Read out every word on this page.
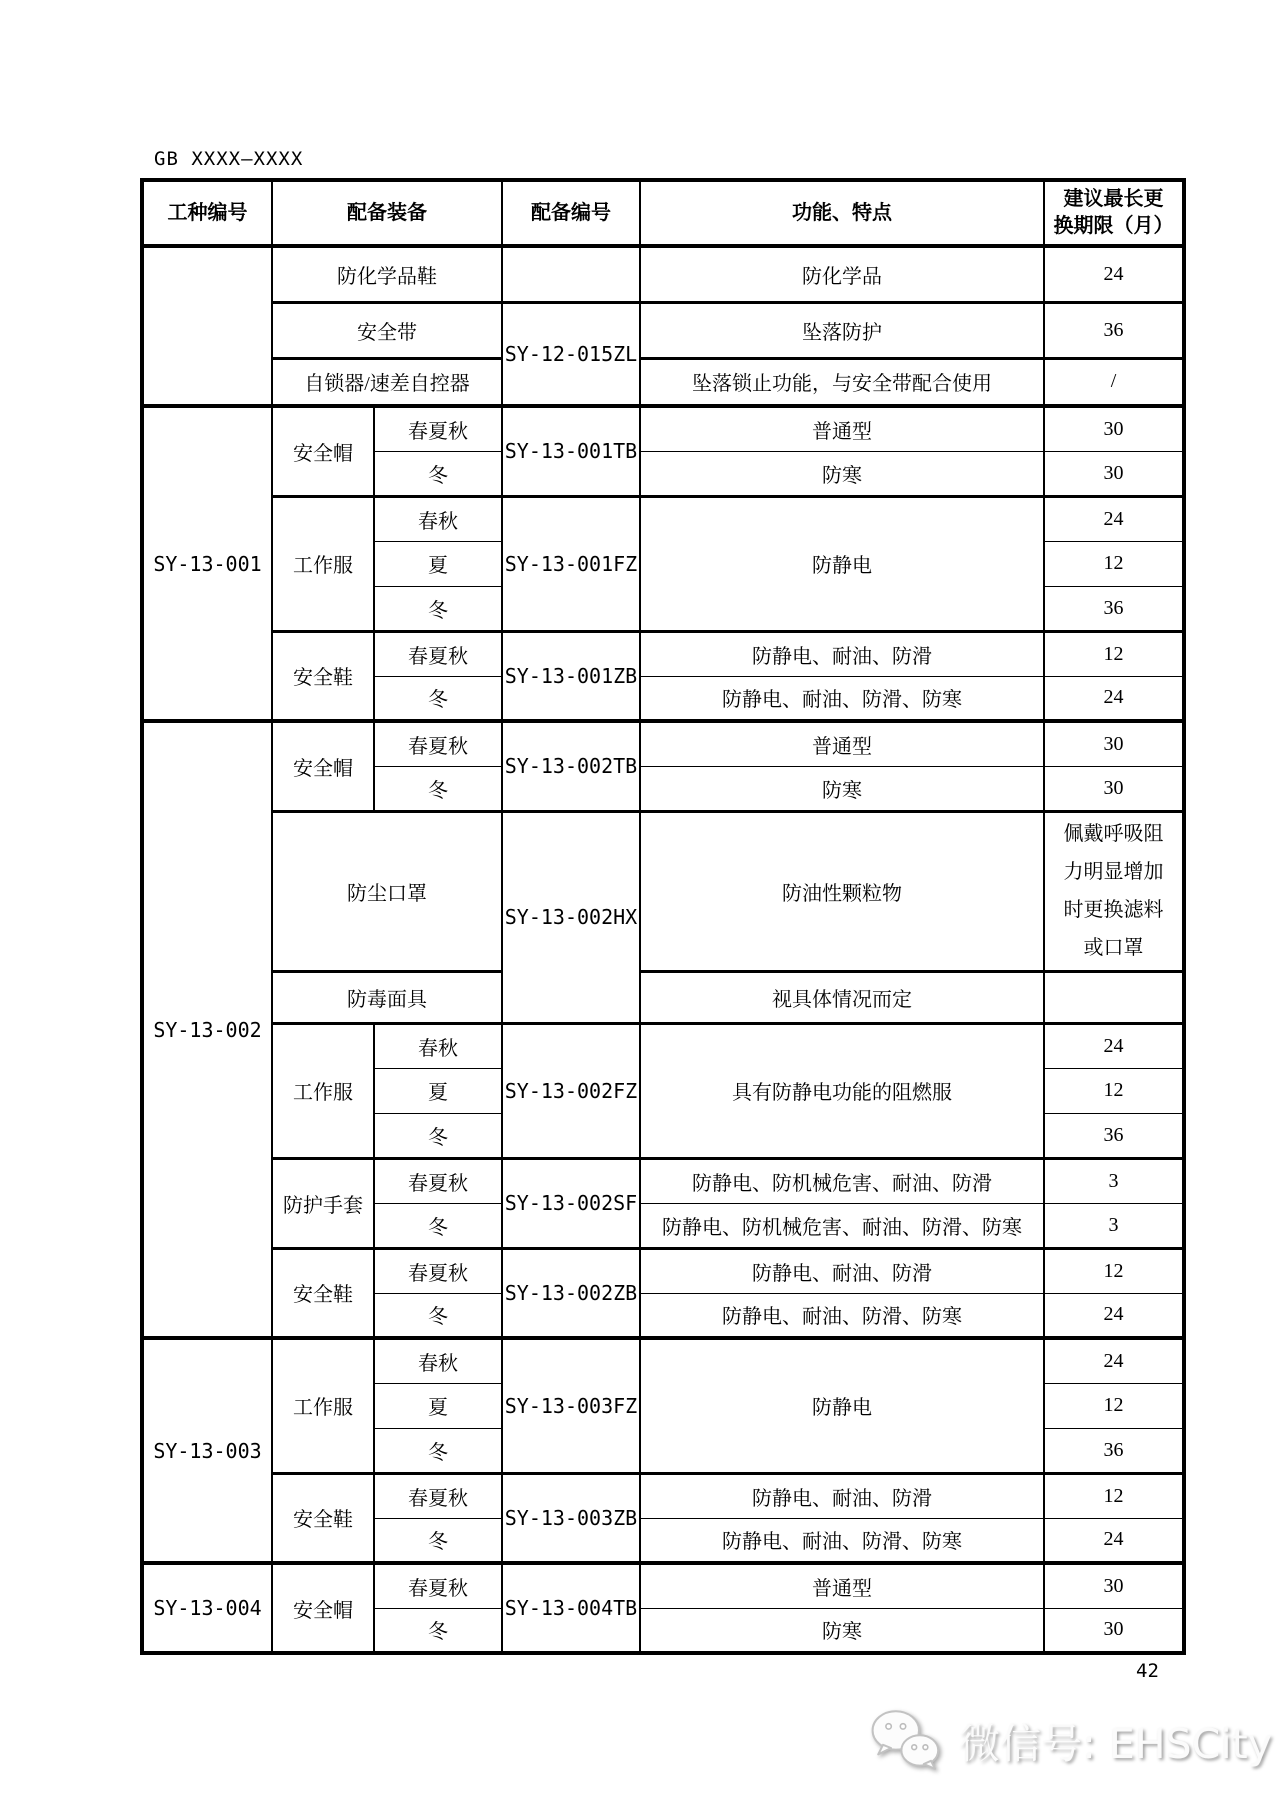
GB XXXX—XXXX
工种编号	配备装备		配备编号	功能、特点	建议最长更
换期限（月）

	防化学品鞋			防化学品	24
	安全带		SY-12-015ZL	坠落防护	36
	自锁器/速差自控器			坠落锁止功能，与安全带配合使用	/
SY-13-001	安全帽	春夏秋	SY-13-001TB	普通型	30
		冬		防寒	30
	工作服	春秋	SY-13-001FZ	防静电	24
		夏			12
		冬			36
	安全鞋	春夏秋	SY-13-001ZB	防静电、耐油、防滑	12
		冬		防静电、耐油、防滑、防寒	24
SY-13-002	安全帽	春夏秋	SY-13-002TB	普通型	30
		冬		防寒	30
	防尘口罩		SY-13-002HX	防油性颗粒物	佩戴呼吸阻力明显增加时更换滤料或口罩
	防毒面具			视具体情况而定	
	工作服	春秋	SY-13-002FZ	具有防静电功能的阻燃服	24
		夏			12
		冬			36
	防护手套	春夏秋	SY-13-002SF	防静电、防机械危害、耐油、防滑	3
		冬		防静电、防机械危害、耐油、防滑、防寒	3
	安全鞋	春夏秋	SY-13-002ZB	防静电、耐油、防滑	12
		冬		防静电、耐油、防滑、防寒	24
SY-13-003	工作服	春秋	SY-13-003FZ	防静电	24
		夏			12
		冬			36
	安全鞋	春夏秋	SY-13-003ZB	防静电、耐油、防滑	12
		冬		防静电、耐油、防滑、防寒	24
SY-13-004	安全帽	春夏秋	SY-13-004TB	普通型	30
		冬		防寒	30
42
微信号: EHSCity
